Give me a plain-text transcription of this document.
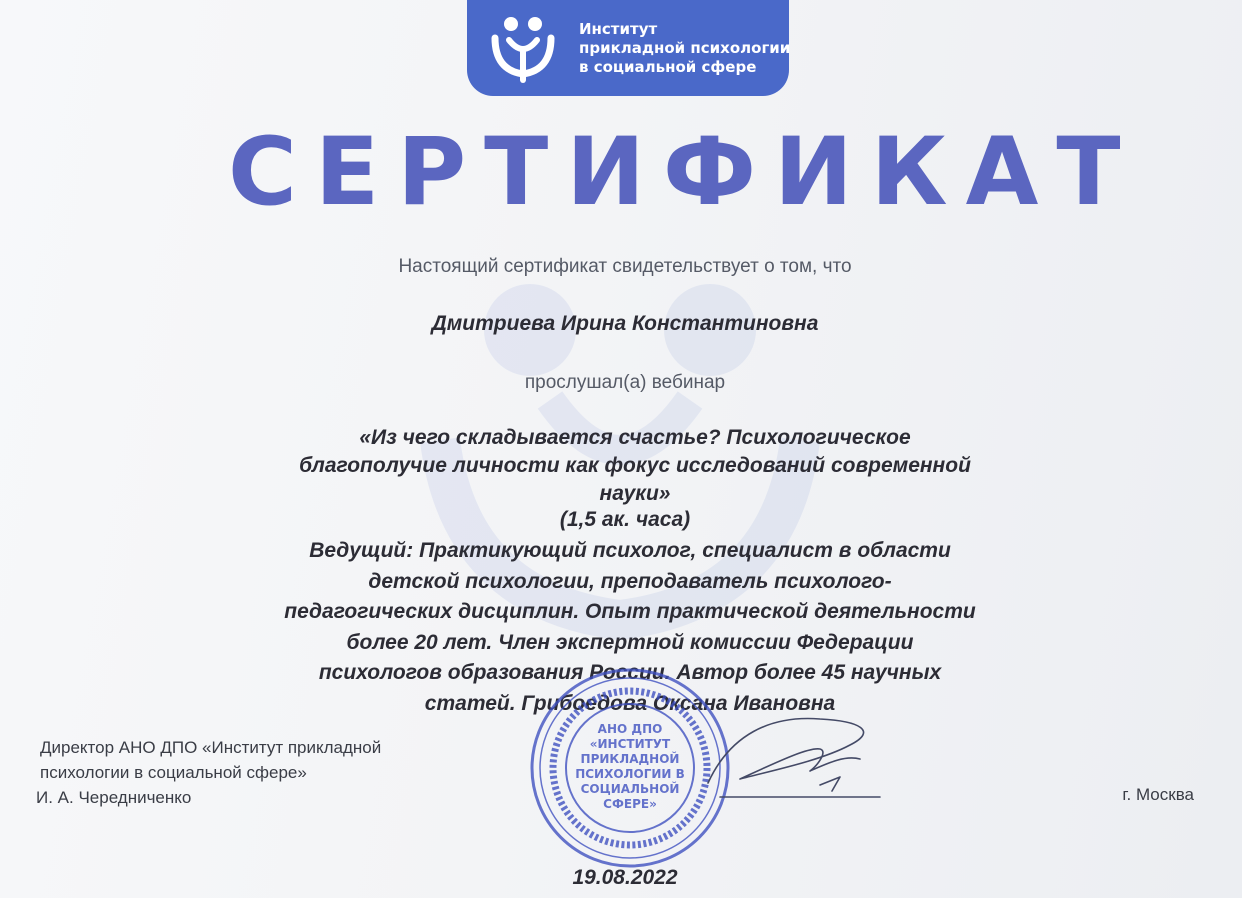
Институт
прикладной психологии
в социальной сфере
СЕРТИФИКАТ
Настоящий сертификат свидетельствует о том, что
Дмитриева Ирина Константиновна
прослушал(а) вебинар
«Из чего складывается счастье? Психологическое
благополучие личности как фокус исследований современной
науки»
(1,5 ак. часа)
Ведущий: Практикующий психолог, специалист в области
детской психологии, преподаватель психолого-
педагогических дисциплин. Опыт практической деятельности
более 20 лет. Член экспертной комиссии Федерации
психологов образования России. Автор более 45 научных
статей. Грибоедова Оксана Ивановна
Директор АНО ДПО «Институт прикладной
психологии в социальной сфере»
И. А. Чередниченко	г. Москва
19.08.2022
АНО ДПО
«ИНСТИТУТ
ПРИКЛАДНОЙ
ПСИХОЛОГИИ В
СОЦИАЛЬНОЙ
СФЕРЕ»
